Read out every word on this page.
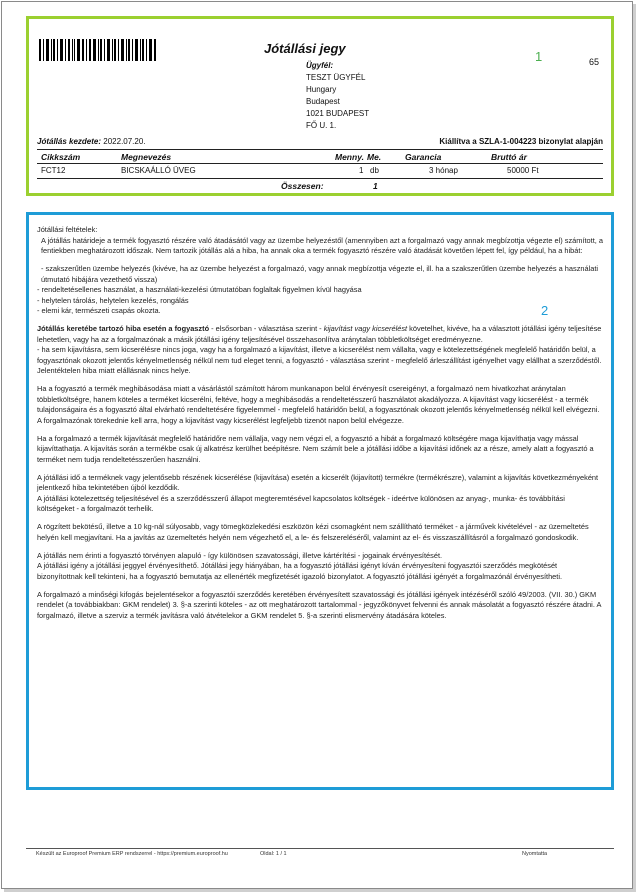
Jótállási jegy
1	65
Ügyfél:
TESZT ÜGYFÉL
Hungary
Budapest
1021 BUDAPEST
FŐ U. 1.
Jótállás kezdete: 2022.07.20.	Kiállítva a SZLA-1-004223 bizonylat alapján
Cikkszám	Megnevezés	Menny. Me.	Garancia	Bruttó ár
FCT12	BICSKAÁLLÓ ÜVEG	1 db	3 hónap	50000 Ft
Összesen:	1
2

Jótállási feltételek:

A jótállás határideje a termék fogyasztó részére való átadásától vagy az üzembe helyezéstől (amennyiben azt a forgalmazó vagy annak megbízottja végezte el) számított, a fentiekben meghatározott időszak. Nem tartozik jótállás alá a hiba, ha annak oka a termék fogyasztó részére való átadását követően lépett fel, így például, ha a hibát:

- szakszerűtlen üzembe helyezés (kivéve, ha az üzembe helyezést a forgalmazó, vagy annak megbízottja végezte el, ill. ha a szakszerűtlen üzembe helyezés a használati útmutató hibájára vezethető vissza)

- rendeltetésellenes használat, a használati-kezelési útmutatóban foglaltak figyelmen kívül hagyása

- helytelen tárolás, helytelen kezelés, rongálás

- elemi kár, természeti csapás okozta.

Jótállás keretébe tartozó hiba esetén a fogyasztó - elsősorban - választása szerint - kijavítást vagy kicserélést követelhet, kivéve, ha a választott jótállási igény teljesítése lehetetlen, vagy ha az a forgalmazónak a másik jótállási igény teljesítésével összehasonlítva aránytalan többletköltséget eredményezne.

- ha sem kijavításra, sem kicserélésre nincs joga, vagy ha a forgalmazó a kijavítást, illetve a kicserélést nem vállalta, vagy e kötelezettségének megfelelő határidőn belül, a fogyasztónak okozott jelentős kényelmetlenség nélkül nem tud eleget tenni, a fogyasztó - választása szerint - megfelelő árleszállítást igényelhet vagy elállhat a szerződéstől. Jelentéktelen hiba miatt elállásnak nincs helye.

Ha a fogyasztó a termék meghibásodása miatt a vásárlástól számított három munkanapon belül érvényesít csereigényt, a forgalmazó nem hivatkozhat aránytalan többletköltségre, hanem köteles a terméket kicserélni, feltéve, hogy a meghibásodás a rendeltetésszerű használatot akadályozza. A kijavítást vagy kicserélést - a termék tulajdonságaira és a fogyasztó által elvárható rendeltetésére figyelemmel - megfelelő határidőn belül, a fogyasztónak okozott jelentős kényelmetlenség nélkül kell elvégezni. A forgalmazónak törekednie kell arra, hogy a kijavítást vagy kicserélést legfeljebb tizenöt napon belül elvégezze.

Ha a forgalmazó a termék kijavítását megfelelő határidőre nem vállalja, vagy nem végzi el, a fogyasztó a hibát a forgalmazó költségére maga kijavíthatja vagy mással kijavíttathatja. A kijavítás során a termékbe csak új alkatrész kerülhet beépítésre. Nem számít bele a jótállási időbe a kijavítási időnek az a része, amely alatt a fogyasztó a terméket nem tudja rendeltetésszerűen használni.

A jótállási idő a terméknek vagy jelentősebb részének kicserélése (kijavítása) esetén a kicserélt (kijavított) termékre (termékrészre), valamint a kijavítás következményeként jelentkező hiba tekintetében újból kezdődik.

A jótállási kötelezettség teljesítésével és a szerződésszerű állapot megteremtésével kapcsolatos költségek - ideértve különösen az anyag-, munka- és továbbítási költségeket - a forgalmazót terhelik.

A rögzített bekötésű, illetve a 10 kg-nál súlyosabb, vagy tömegközlekedési eszközön kézi csomagként nem szállítható terméket - a járművek kivételével - az üzemeltetés helyén kell megjavítani. Ha a javítás az üzemeltetés helyén nem végezhető el, a le- és felszereléséről, valamint az el- és visszaszállításról a forgalmazó gondoskodik.

A jótállás nem érinti a fogyasztó törvényen alapuló - így különösen szavatossági, illetve kártérítési - jogainak érvényesítését.

A jótállási igény a jótállási jeggyel érvényesíthető. Jótállási jegy hiányában, ha a fogyasztó jótállási igényt kíván érvényesíteni fogyasztói szerződés megkötését bizonyítottnak kell tekinteni, ha a fogyasztó bemutatja az ellenérték megfizetését igazoló bizonylatot. A fogyasztó jótállási igényét a forgalmazónál érvényesítheti.

A forgalmazó a minőségi kifogás bejelentésekor a fogyasztói szerződés keretében érvényesített szavatossági és jótállási igények intézéséről szóló 49/2003. (VII. 30.) GKM rendelet (a továbbiakban: GKM rendelet) 3. §-a szerinti köteles - az ott meghatározott tartalommal - jegyzőkönyvet felvenni és annak másolatát a fogyasztó részére átadni. A forgalmazó, illetve a szerviz a termék javításra való átvételekor a GKM rendelet 5. §-a szerinti elismervény átadására köteles.

Készült az Europroof Premium ERP rendszerrel - https://premium.europroof.hu	Oldal: 1 / 1	Nyomtatta
